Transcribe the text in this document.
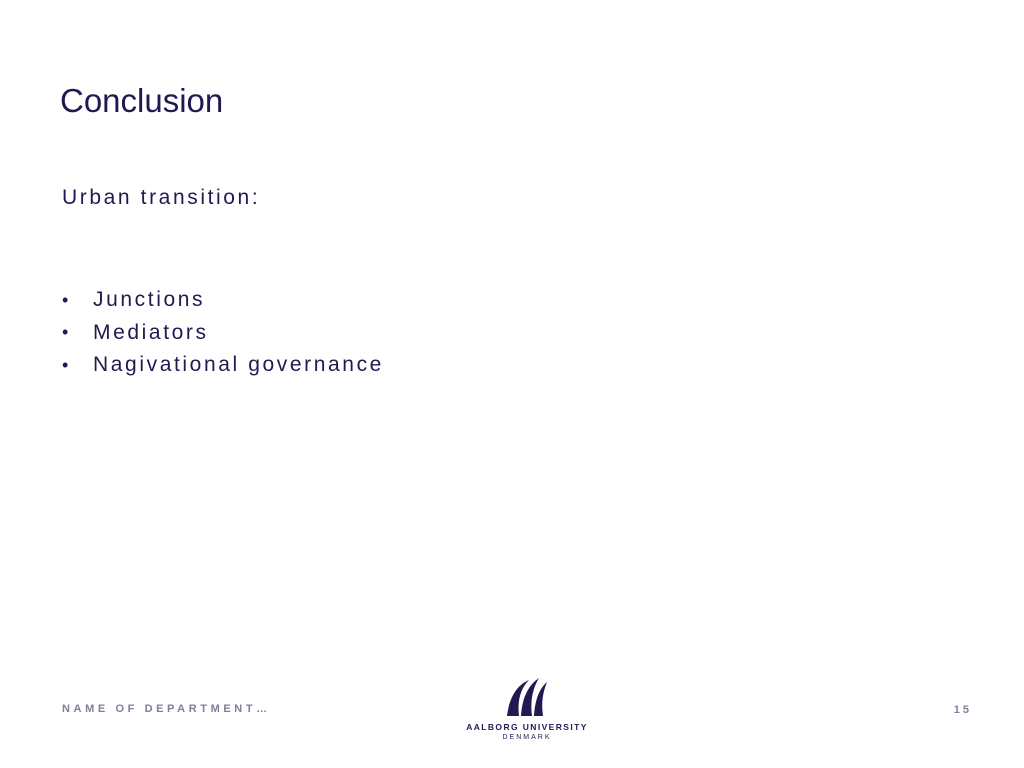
Conclusion
Urban transition:
•	Junctions
•	Mediators
•	Nagivational governance
NAME OF DEPARTMENT…
AALBORG UNIVERSITY
DENMARK
15
